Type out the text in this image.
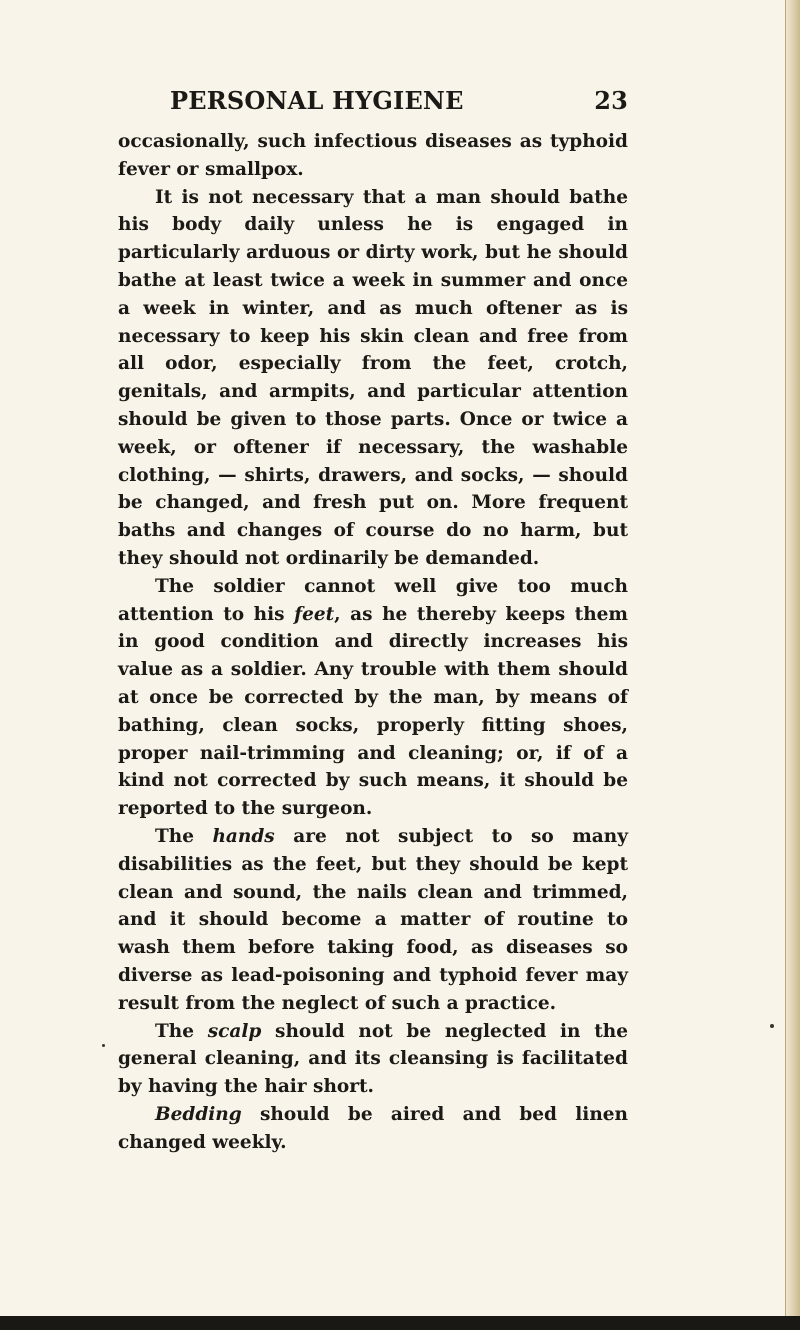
PERSONAL HYGIENE	23

occasionally, such infectious diseases as typhoid fever or smallpox.

It is not necessary that a man should bathe his body daily unless he is engaged in particularly arduous or dirty work, but he should bathe at least twice a week in summer and once a week in winter, and as much oftener as is necessary to keep his skin clean and free from all odor, especially from the feet, crotch, genitals, and armpits, and particular attention should be given to those parts. Once or twice a week, or oftener if necessary, the washable clothing, — shirts, drawers, and socks, — should be changed, and fresh put on. More frequent baths and changes of course do no harm, but they should not ordinarily be demanded.

The soldier cannot well give too much attention to his feet, as he thereby keeps them in good condition and directly increases his value as a soldier. Any trouble with them should at once be corrected by the man, by means of bathing, clean socks, properly fitting shoes, proper nail-trimming and cleaning; or, if of a kind not corrected by such means, it should be reported to the surgeon.

The hands are not subject to so many disabilities as the feet, but they should be kept clean and sound, the nails clean and trimmed, and it should become a matter of routine to wash them before taking food, as diseases so diverse as lead-poisoning and typhoid fever may result from the neglect of such a practice.

The scalp should not be neglected in the general cleaning, and its cleansing is facilitated by having the hair short.

Bedding should be aired and bed linen changed weekly.
